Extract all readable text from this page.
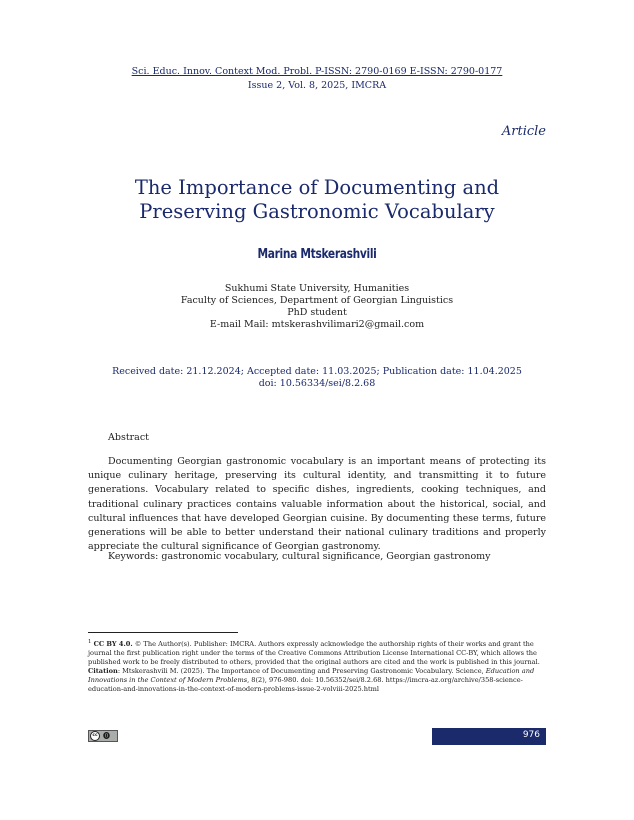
Sci. Educ. Innov. Context Mod. Probl. P-ISSN: 2790-0169 E-ISSN: 2790-0177
Issue 2, Vol. 8, 2025, IMCRA
Article
The Importance of Documenting and
Preserving Gastronomic Vocabulary
Marina Mtskerashvili
Sukhumi State University, Humanities
Faculty of Sciences, Department of Georgian Linguistics
PhD student
E-mail Mail: mtskerashvilimari2@gmail.com
Received date: 21.12.2024; Accepted date: 11.03.2025; Publication date: 11.04.2025
doi: 10.56334/sei/8.2.68
Abstract
Documenting Georgian gastronomic vocabulary is an important means of protecting its unique culinary heritage, preserving its cultural identity, and transmitting it to future generations. Vocabulary related to specific dishes, ingredients, cooking techniques, and traditional culinary practices contains valuable information about the historical, social, and cultural influences that have developed Georgian cuisine. By documenting these terms, future generations will be able to better understand their national culinary traditions and properly appreciate the cultural significance of Georgian gastronomy.
Keywords: gastronomic vocabulary, cultural significance, Georgian gastronomy
$^1$ CC BY 4.0. © The Author(s). Publisher: IMCRA. Authors expressly acknowledge the authorship rights of their works and grant the journal the first publication right under the terms of the Creative Commons Attribution License International CC-BY, which allows the published work to be freely distributed to others, provided that the original authors are cited and the work is published in this journal.
Citation: Mtskerashvili M. (2025). The Importance of Documenting and Preserving Gastronomic Vocabulary. Science, Education and Innovations in the Context of Modern Problems, 8(2), 976-980. doi: 10.56352/sei/8.2.68. https://imcra-az.org/archive/358-science-education-and-innovations-in-the-context-of-modern-problems-issue-2-volviii-2025.html
cc ⓿	976
